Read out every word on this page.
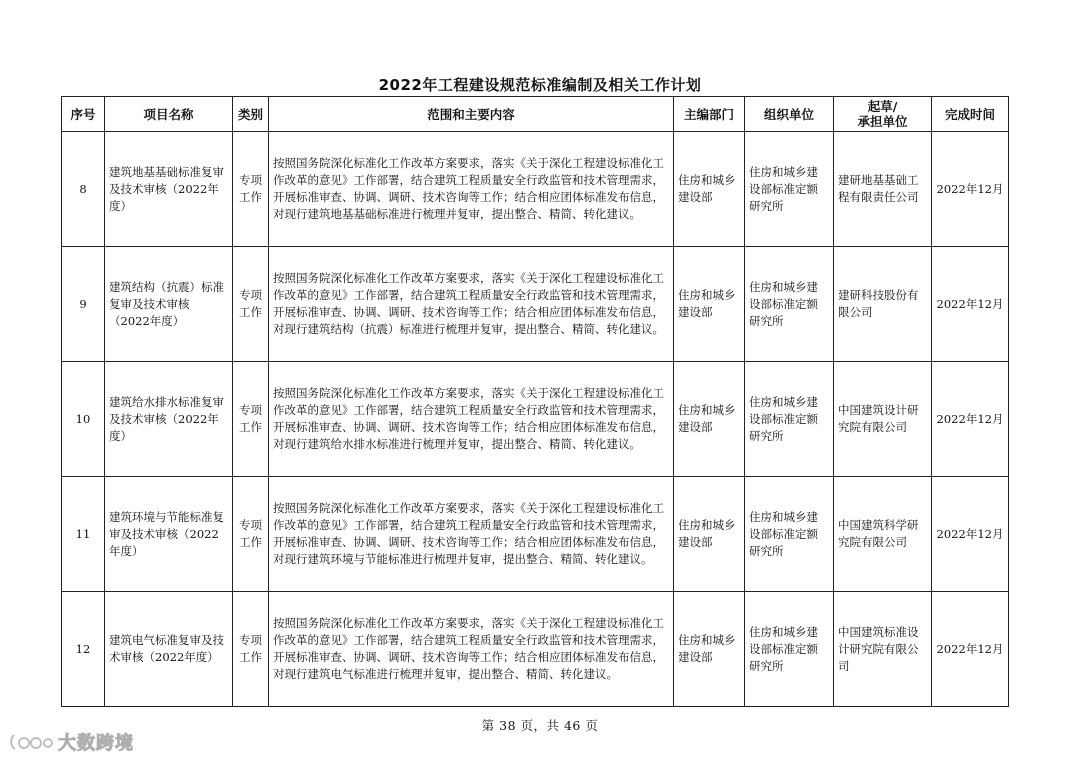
2022年工程建设规范标准编制及相关工作计划
序号	项目名称	类别	范围和主要内容	主编部门	组织单位	起草/
承担单位	完成时间
8	建筑地基基础标准复审及技术审核（2022年度）	专项工作	按照国务院深化标准化工作改革方案要求，落实《关于深化工程建设标准化工作改革的意见》工作部署，结合建筑工程质量安全行政监管和技术管理需求，开展标准审查、协调、调研、技术咨询等工作；结合相应团体标准发布信息，对现行建筑地基基础标准进行梳理并复审，提出整合、精简、转化建议。	住房和城乡建设部	住房和城乡建设部标准定额研究所	建研地基基础工程有限责任公司	2022年12月
9	建筑结构（抗震）标准复审及技术审核（2022年度）	专项工作	按照国务院深化标准化工作改革方案要求，落实《关于深化工程建设标准化工作改革的意见》工作部署，结合建筑工程质量安全行政监管和技术管理需求，开展标准审查、协调、调研、技术咨询等工作；结合相应团体标准发布信息，对现行建筑结构（抗震）标准进行梳理并复审，提出整合、精简、转化建议。	住房和城乡建设部	住房和城乡建设部标准定额研究所	建研科技股份有限公司	2022年12月
10	建筑给水排水标准复审及技术审核（2022年度）	专项工作	按照国务院深化标准化工作改革方案要求，落实《关于深化工程建设标准化工作改革的意见》工作部署，结合建筑工程质量安全行政监管和技术管理需求，开展标准审查、协调、调研、技术咨询等工作；结合相应团体标准发布信息，对现行建筑给水排水标准进行梳理并复审，提出整合、精简、转化建议。	住房和城乡建设部	住房和城乡建设部标准定额研究所	中国建筑设计研究院有限公司	2022年12月
11	建筑环境与节能标准复审及技术审核（2022年度）	专项工作	按照国务院深化标准化工作改革方案要求，落实《关于深化工程建设标准化工作改革的意见》工作部署，结合建筑工程质量安全行政监管和技术管理需求，开展标准审查、协调、调研、技术咨询等工作；结合相应团体标准发布信息，对现行建筑环境与节能标准进行梳理并复审，提出整合、精简、转化建议。	住房和城乡建设部	住房和城乡建设部标准定额研究所	中国建筑科学研究院有限公司	2022年12月
12	建筑电气标准复审及技术审核（2022年度）	专项工作	按照国务院深化标准化工作改革方案要求，落实《关于深化工程建设标准化工作改革的意见》工作部署，结合建筑工程质量安全行政监管和技术管理需求，开展标准审查、协调、调研、技术咨询等工作；结合相应团体标准发布信息，对现行建筑电气标准进行梳理并复审，提出整合、精简、转化建议。	住房和城乡建设部	住房和城乡建设部标准定额研究所	中国建筑标准设计研究院有限公司	2022年12月
第 38 页，共 46 页
大数跨境
